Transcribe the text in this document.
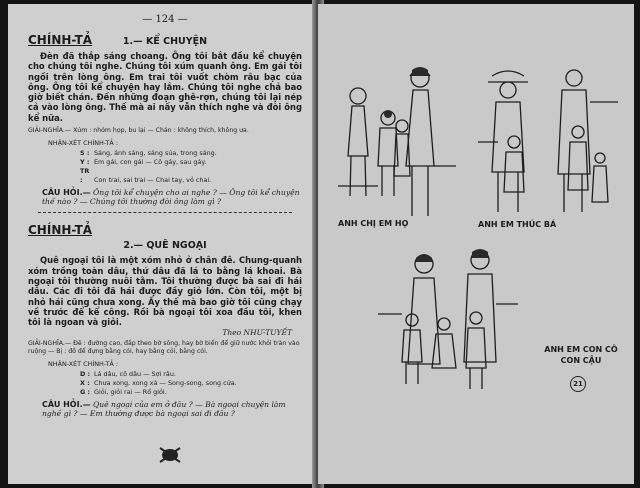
— 124 —
CHÍNH-TẢ	1.— KỂ CHUYỆN
Đèn đã thắp sáng choang. Ông tôi bắt đầu kể chuyện cho chúng tôi nghe. Chúng tôi xúm quanh ông. Em gái tôi ngồi trên lòng ông. Em trai tôi vuốt chòm râu bạc của ông. Ông tôi kể chuyện hay lắm. Chúng tôi nghe chả bao giờ biết chán. Đến những đoạn ghê-rợn, chúng tôi lại nép cả vào lòng ông. Thế mà ai nấy vẫn thích nghe và đòi ông kể nữa.
GIẢI-NGHĨA.— Xúm : nhóm họp, bu lại — Chán : không thích, không ưa.
NHẬN-XÉT CHÍNH-TẢ :
S : Sáng, ánh sáng, sáng sủa, trong sáng.
Y : Em gái, con gái — Cô gáy, sau gáy.
TR : Con trai, sai trai — Chai tay, vỏ chai.
CÂU HỎI.— Ông tôi kể chuyện cho ai nghe ? — Ông tôi kể chuyện thế nào ? — Chúng tôi thường đòi ông làm gì ?
CHÍNH-TẢ
2.— QUÊ NGOẠI
Quê ngoại tôi là một xóm nhỏ ở chân đê. Chung-quanh xóm trồng toàn dâu, thứ dâu đã lá to bằng lá khoai. Bà ngoại tôi thường nuôi tằm. Tôi thường được bà sai đi hái dâu. Các đi tôi đã hái được đầy giỏ lớn. Còn tôi, một bị nhỏ hái cũng chưa xong. Ấy thế mà bao giờ tôi cũng chạy về trước để kể công. Rồi bà ngoại tôi xoa đầu tôi, khen tôi là ngoan và giỏi.
Theo NHƯ-TUYẾT
GIẢI-NGHĨA.— Đê : đường cao, đắp theo bờ sông, hay bờ biển để giữ nước khỏi tràn vào ruộng — Bị : đồ để đựng bằng cói, hay bằng cỏi, bằng cói.
NHẬN-XÉT CHÍNH-TẢ :
D : Lá dâu, cô dâu — Sợi râu.
X : Chưa xong, xong xả — Song-song, song cửa.
G : Giỏi, giỏi rai — Rổ giỏi.
CÂU HỎI.— Quê ngoại của em ở đâu ? — Bà ngoại chuyện làm nghề gì ? — Em thường được bà ngoại sai đi đâu ?
ANH CHỊ EM HỌ	ANH EM THÚC BÁ
ANH EM CON CÔ CON CẬU
21
